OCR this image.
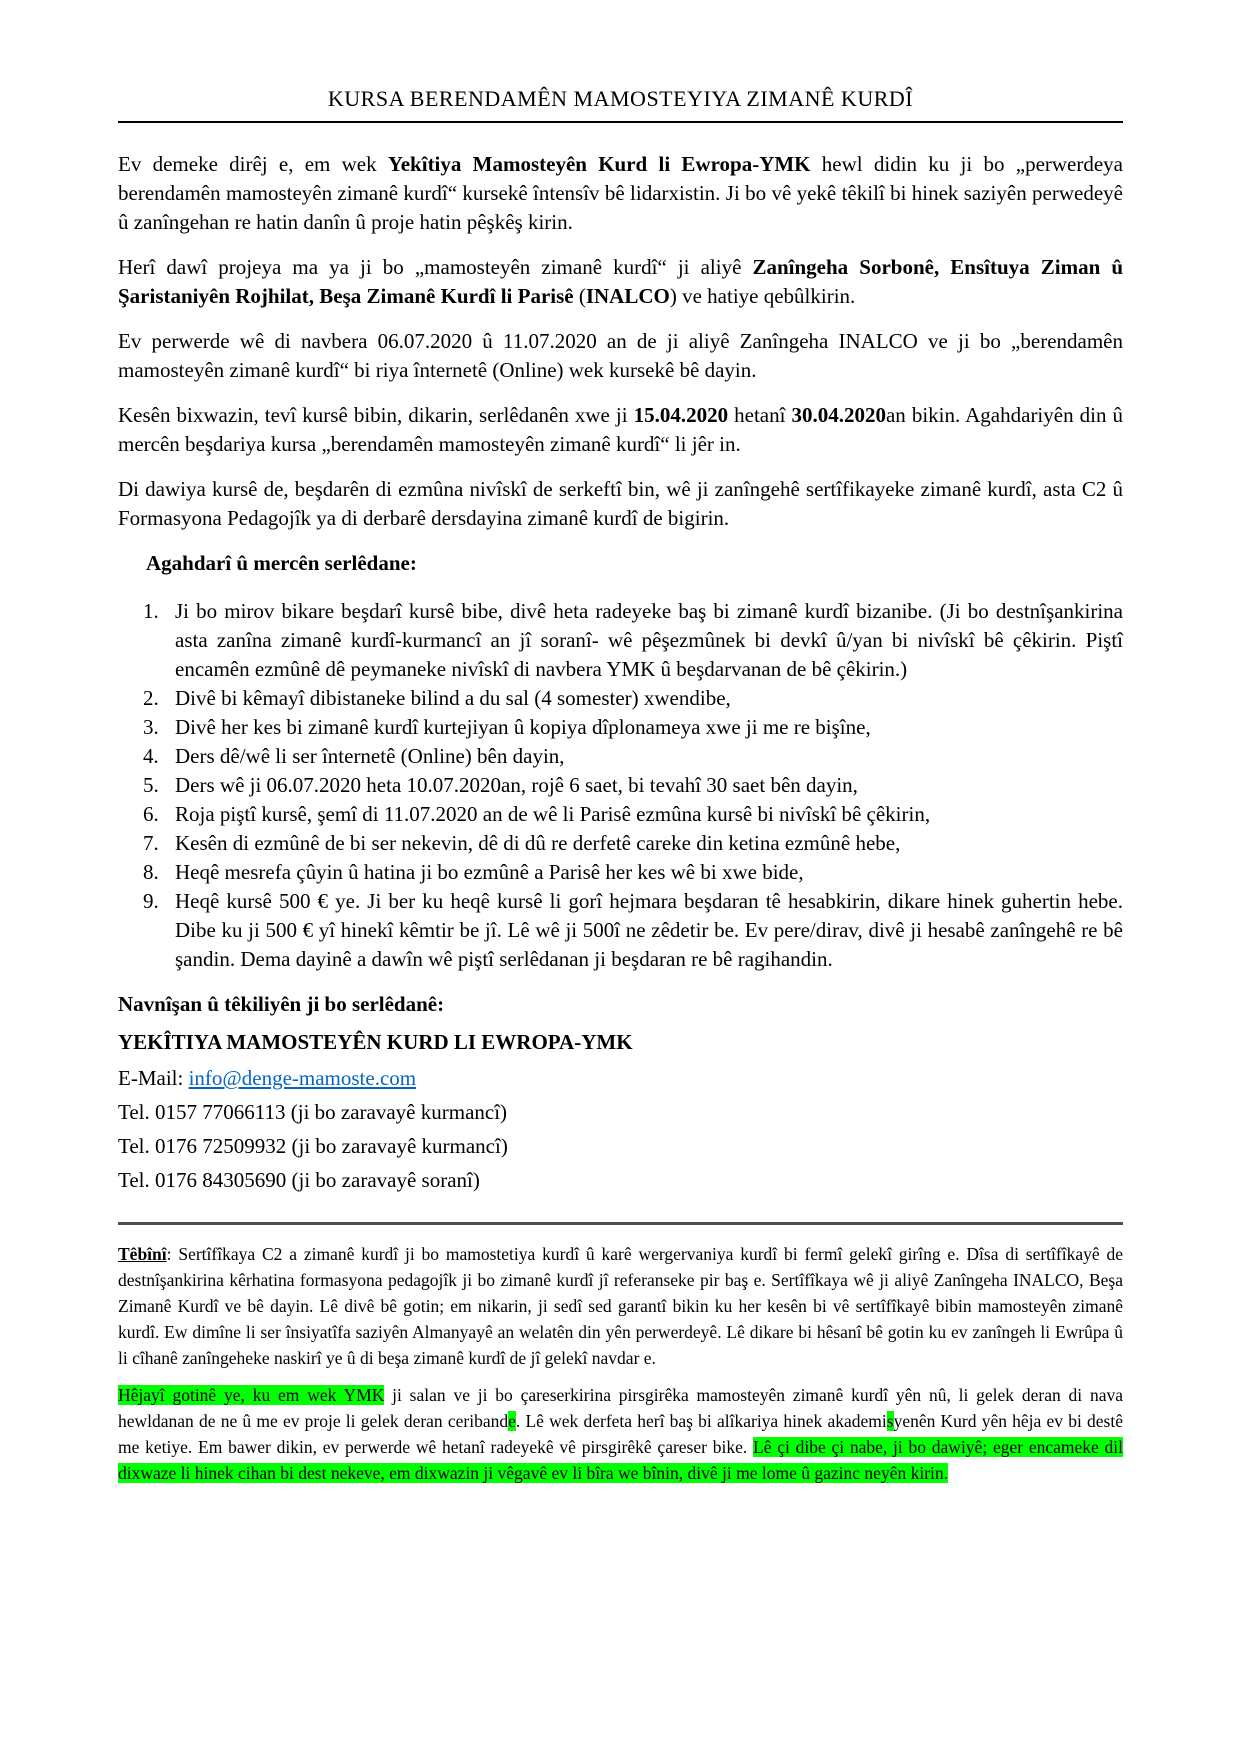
KURSA BERENDAMÊN MAMOSTEYIYA ZIMANÊ KURDÎ

Ev demeke dirêj e, em wek Yekîtiya Mamosteyên Kurd li Ewropa-YMK hewl didin ku ji bo „perwerdeya berendamên mamosteyên zimanê kurdî“ kursekê întensîv bê lidarxistin. Ji bo vê yekê têkilî bi hinek saziyên perwedeyê û zanîngehan re hatin danîn û proje hatin pêşkêş kirin.

Herî dawî projeya ma ya ji bo „mamosteyên zimanê kurdî“ ji aliyê Zanîngeha Sorbonê, Ensîtuya Ziman û Şaristaniyên Rojhilat, Beşa Zimanê Kurdî li Parisê (INALCO) ve hatiye qebûlkirin.

Ev perwerde wê di navbera 06.07.2020 û 11.07.2020 an de ji aliyê Zanîngeha INALCO ve ji bo „berendamên mamosteyên zimanê kurdî“ bi riya înternetê (Online) wek kursekê bê dayin.

Kesên bixwazin, tevî kursê bibin, dikarin, serlêdanên xwe ji 15.04.2020 hetanî 30.04.2020an bikin. Agahdariyên din û mercên beşdariya kursa „berendamên mamosteyên zimanê kurdî“ li jêr in.

Di dawiya kursê de, beşdarên di ezmûna nivîskî de serkeftî bin, wê ji zanîngehê sertîfikayeke zimanê kurdî, asta C2 û Formasyona Pedagojîk ya di derbarê dersdayina zimanê kurdî de bigirin.

Agahdarî û mercên serlêdane:
1. Ji bo mirov bikare beşdarî kursê bibe, divê heta radeyeke baş bi zimanê kurdî bizanibe. (Ji bo destnîşankirina asta zanîna zimanê kurdî-kurmancî an jî soranî- wê pêşezmûnek bi devkî û/yan bi nivîskî bê çêkirin. Piştî encamên ezmûnê dê peymaneke nivîskî di navbera YMK û beşdarvanan de bê çêkirin.)
2. Divê bi kêmayî dibistaneke bilind a du sal (4 somester) xwendibe,
3. Divê her kes bi zimanê kurdî kurtejiyan û kopiya dîplonameya xwe ji me re bişîne,
4. Ders dê/wê li ser înternetê (Online) bên dayin,
5. Ders wê ji 06.07.2020 heta 10.07.2020an, rojê 6 saet, bi tevahî 30 saet bên dayin,
6. Roja piştî kursê, şemî di 11.07.2020 an de wê li Parisê ezmûna kursê bi nivîskî bê çêkirin,
7. Kesên di ezmûnê de bi ser nekevin, dê di dû re derfetê careke din ketina ezmûnê hebe,
8. Heqê mesrefa çûyin û hatina ji bo ezmûnê a Parisê her kes wê bi xwe bide,
9. Heqê kursê 500 € ye. Ji ber ku heqê kursê li gorî hejmara beşdaran tê hesabkirin, dikare hinek guhertin hebe. Dibe ku ji 500 € yî hinekî kêmtir be jî. Lê wê ji 500î ne zêdetir be. Ev pere/dirav, divê ji hesabê zanîngehê re bê şandin. Dema dayinê a dawîn wê piştî serlêdanan ji beşdaran re bê ragihandin.
Navnîşan û têkiliyên ji bo serlêdanê:

YEKÎTIYA MAMOSTEYÊN KURD LI EWROPA-YMK

E-Mail: info@denge-mamoste.com

Tel. 0157 77066113 (ji bo zaravayê kurmancî)

Tel. 0176 72509932 (ji bo zaravayê kurmancî)

Tel. 0176 84305690 (ji bo zaravayê soranî)

Têbînî: Sertîfîkaya C2 a zimanê kurdî ji bo mamostetiya kurdî û karê wergervaniya kurdî bi fermî gelekî girîng e. Dîsa di sertîfîkayê de destnîşankirina kêrhatina formasyona pedagojîk ji bo zimanê kurdî jî referanseke pir baş e. Sertîfîkaya wê ji aliyê Zanîngeha INALCO, Beşa Zimanê Kurdî ve bê dayin. Lê divê bê gotin; em nikarin, ji sedî sed garantî bikin ku her kesên bi vê sertîfîkayê bibin mamosteyên zimanê kurdî. Ew dimîne li ser însiyatîfa saziyên Almanyayê an welatên din yên perwerdeyê. Lê dikare bi hêsanî bê gotin ku ev zanîngeh li Ewrûpa û li cîhanê zanîngeheke naskirî ye û di beşa zimanê kurdî de jî gelekî navdar e.

Hêjayî gotinê ye, ku em wek YMK ji salan ve ji bo çareserkirina pirsgirêka mamosteyên zimanê kurdî yên nû, li gelek deran di nava hewldanan de ne û me ev proje li gelek deran ceribande. Lê wek derfeta herî baş bi alîkariya hinek akademisyenên Kurd yên hêja ev bi destê me ketiye. Em bawer dikin, ev perwerde wê hetanî radeyekê vê pirsgirêkê çareser bike. Lê çi dibe çi nabe, ji bo dawiyê; eger encameke dil dixwaze li hinek cihan bi dest nekeve, em dixwazin ji vêgavê ev li bîra we bînin, divê ji me lome û gazinc neyên kirin.
